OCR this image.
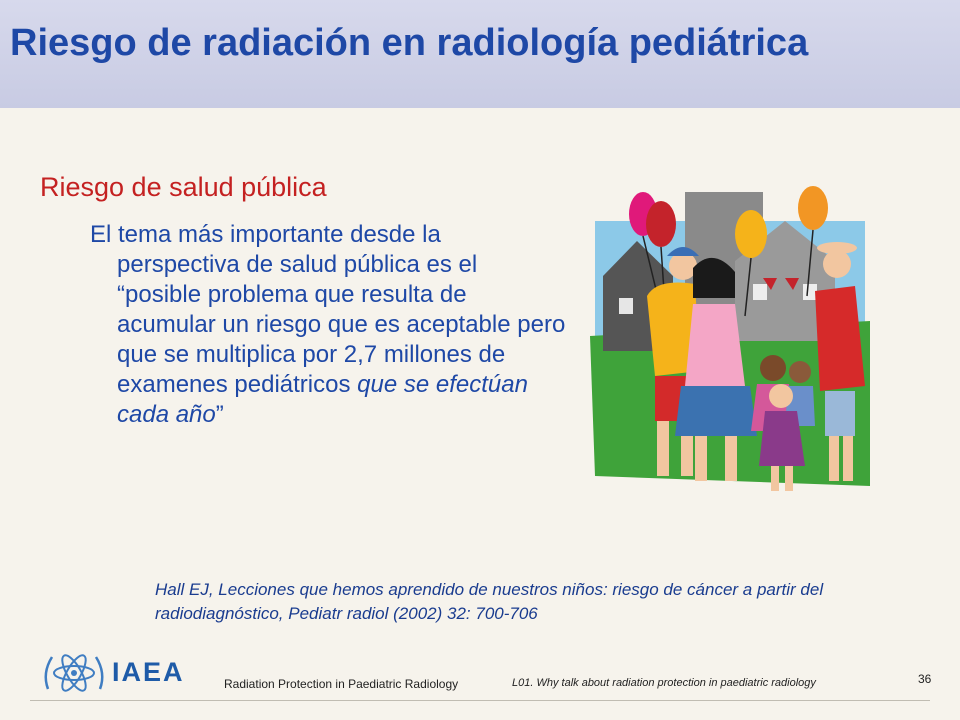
Riesgo de radiación en radiología pediátrica
Riesgo de salud pública

El tema más importante desde la perspectiva de salud pública es el “posible problema que resulta de acumular un riesgo que es aceptable pero que se multiplica por 2,7 millones de examenes pediátricos que se efectúan cada año”

Hall EJ, Lecciones que hemos aprendido de nuestros niños: riesgo de cáncer a partir del radiodiagnóstico, Pediatr radiol (2002) 32: 700-706

IAEA	Radiation Protection in Paediatric Radiology	L01. Why talk about radiation protection in paediatric radiology	36
